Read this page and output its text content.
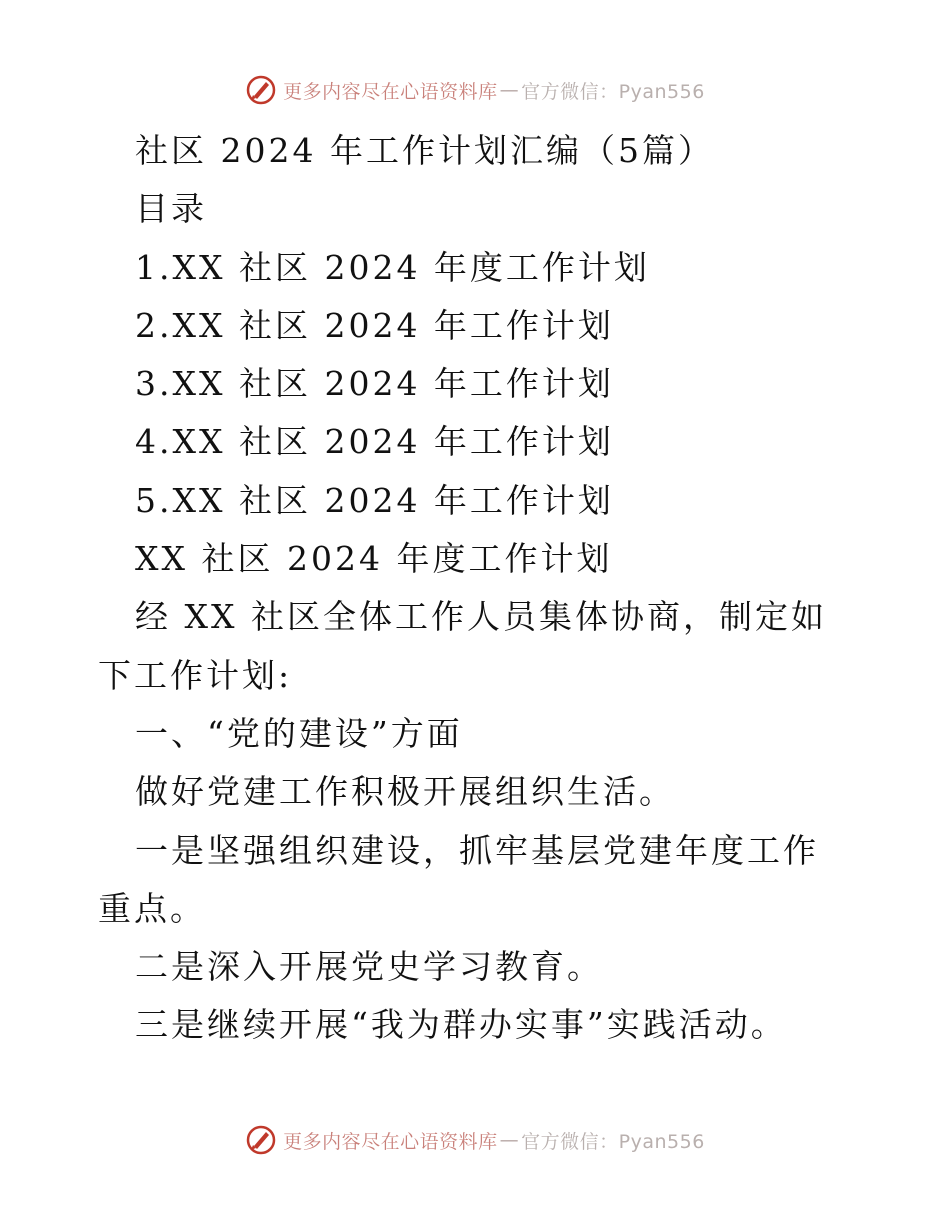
更多内容尽在心语资料库 — 官方微信：Pyan556
社区 2024 年工作计划汇编（5篇）
目录
1.XX 社区 2024 年度工作计划
2.XX 社区 2024 年工作计划
3.XX 社区 2024 年工作计划
4.XX 社区 2024 年工作计划
5.XX 社区 2024 年工作计划
XX 社区 2024 年度工作计划
经 XX 社区全体工作人员集体协商，制定如下工作计划:
一、“党的建设”方面
做好党建工作积极开展组织生活。
一是坚强组织建设，抓牢基层党建年度工作重点。
二是深入开展党史学习教育。
三是继续开展“我为群办实事”实践活动。
更多内容尽在心语资料库 — 官方微信：Pyan556
